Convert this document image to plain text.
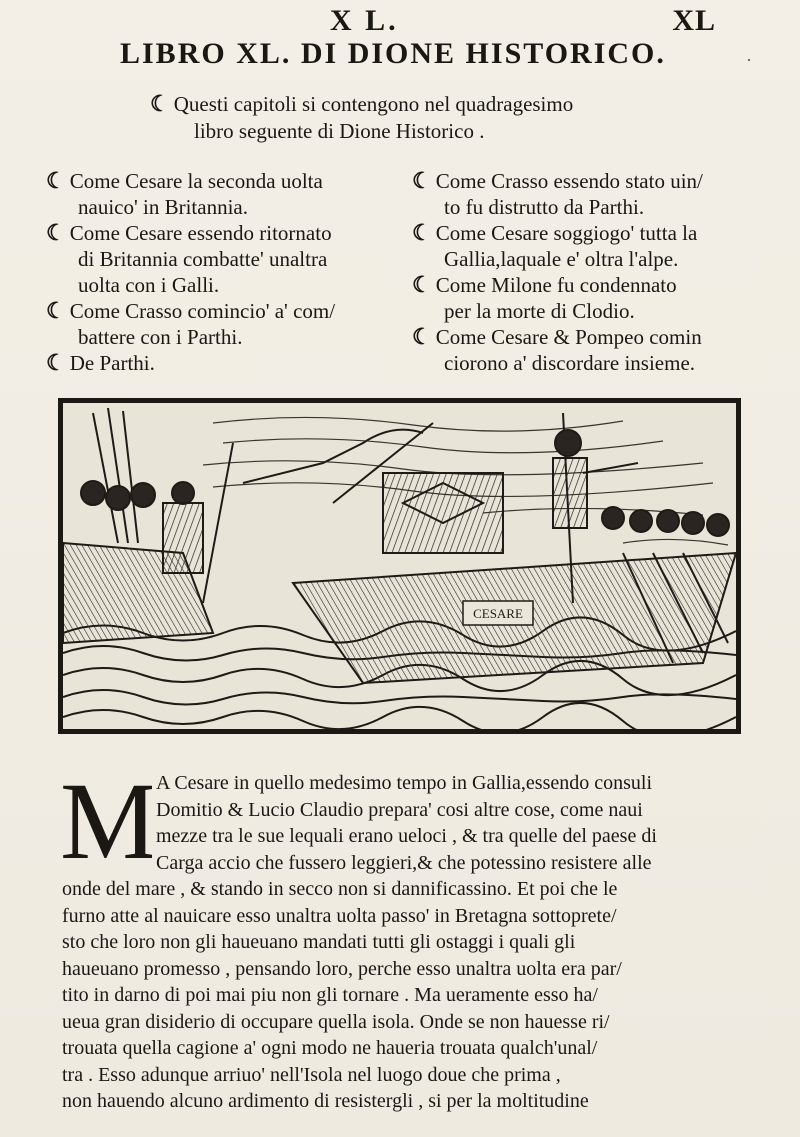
X L.	XL
LIBRO XL. DI DIONE HISTORICO.	·
☾ Questi capitoli si contengono nel quadragesimo
libro seguente di Dione Historico .
☾ Come Cesare la seconda uolta
nauico' in Britannia.
☾ Come Cesare essendo ritornato
di Britannia combatte' unaltra
uolta con i Galli.
☾ Come Crasso comincio' a' com/
battere con i Parthi.
☾ De Parthi.
☾ Come Crasso essendo stato uin/
to fu distrutto da Parthi.
☾ Come Cesare soggiogo' tutta la
Gallia,laquale e' oltra l'alpe.
☾ Come Milone fu condennato
per la morte di Clodio.
☾ Come Cesare & Pompeo comin
ciorono a' discordare insieme.
CESARE
M
A Cesare in quello medesimo tempo in Gallia,essendo consuli
Domitio & Lucio Claudio prepara' cosi altre cose, come naui
mezze tra le sue lequali erano ueloci , & tra quelle del paese di
Carga accio che fussero leggieri,& che potessino resistere alle
onde del mare , & stando in secco non si dannificassino. Et poi che le
furno atte al nauicare esso unaltra uolta passo' in Bretagna sottoprete/
sto che loro non gli haueuano mandati tutti gli ostaggi i quali gli
haueuano promesso , pensando loro, perche esso unaltra uolta era par/
tito in darno di poi mai piu non gli tornare . Ma ueramente esso ha/
ueua gran disiderio di occupare quella isola. Onde se non hauesse ri/
trouata quella cagione a' ogni modo ne haueria trouata qualch'unal/
tra . Esso adunque arriuo' nell'Isola nel luogo doue che prima ,
non hauendo alcuno ardimento di resistergli , si per la moltitudine
